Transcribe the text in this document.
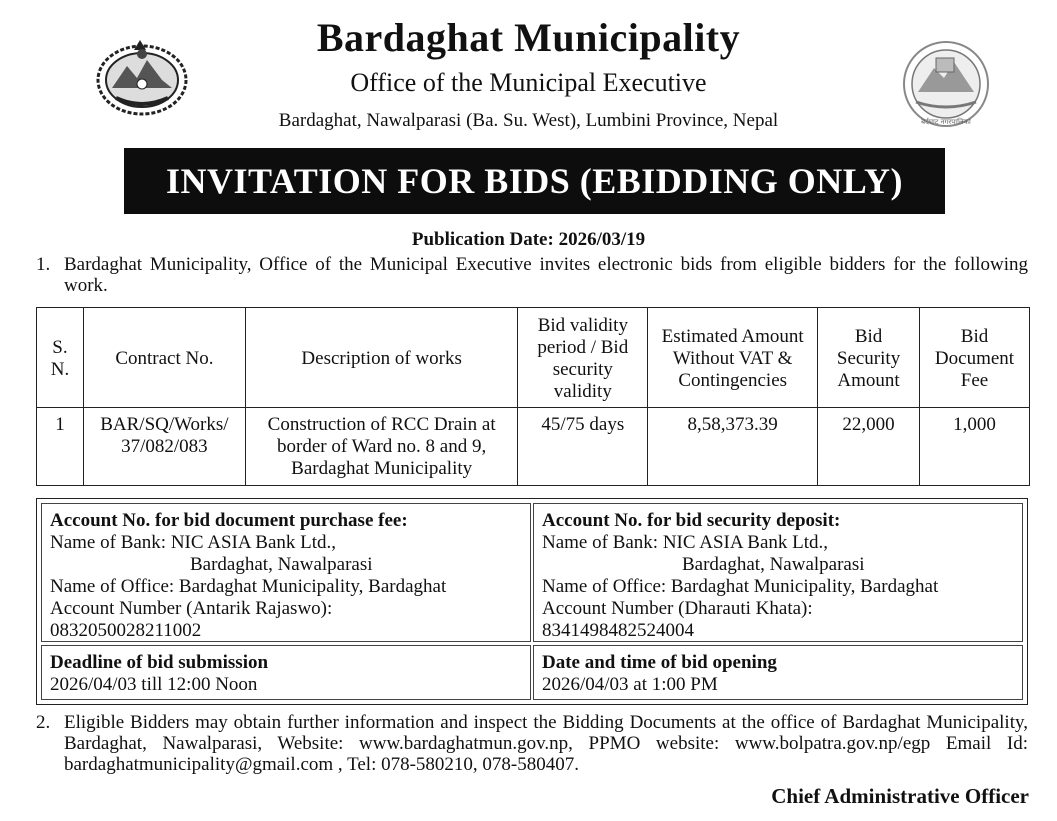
बर्दघाट नगरपालिका
Bardaghat Municipality
Office of the Municipal Executive
Bardaghat, Nawalparasi (Ba. Su. West), Lumbini Province, Nepal
INVITATION FOR BIDS (EBIDDING ONLY)
Publication Date: 2026/03/19
1. Bardaghat Municipality, Office of the Municipal Executive invites electronic bids from eligible bidders for the following work.
S. N.	Contract No.	Description of works	Bid validity period / Bid security validity	Estimated Amount Without VAT & Contingencies	Bid Security Amount	Bid Document Fee
1	BAR/SQ/Works/ 37/082/083	Construction of RCC Drain at border of Ward no. 8 and 9, Bardaghat Municipality	45/75 days	8,58,373.39	22,000	1,000
Account No. for bid document purchase fee:
Name of Bank: NIC ASIA Bank Ltd.,
Bardaghat, Nawalparasi
Name of Office: Bardaghat Municipality, Bardaghat
Account Number (Antarik Rajaswo):
0832050028211002
Account No. for bid security deposit:
Name of Bank: NIC ASIA Bank Ltd.,
Bardaghat, Nawalparasi
Name of Office: Bardaghat Municipality, Bardaghat
Account Number (Dharauti Khata):
8341498482524004
Deadline of bid submission
2026/04/03 till 12:00 Noon
Date and time of bid opening
2026/04/03 at 1:00 PM
2. Eligible Bidders may obtain further information and inspect the Bidding Documents at the office of Bardaghat Municipality, Bardaghat, Nawalparasi, Website: www.bardaghatmun.gov.np, PPMO website: www.bolpatra.gov.np/egp Email Id: bardaghatmunicipality@gmail.com , Tel: 078-580210, 078-580407.
Chief Administrative Officer
